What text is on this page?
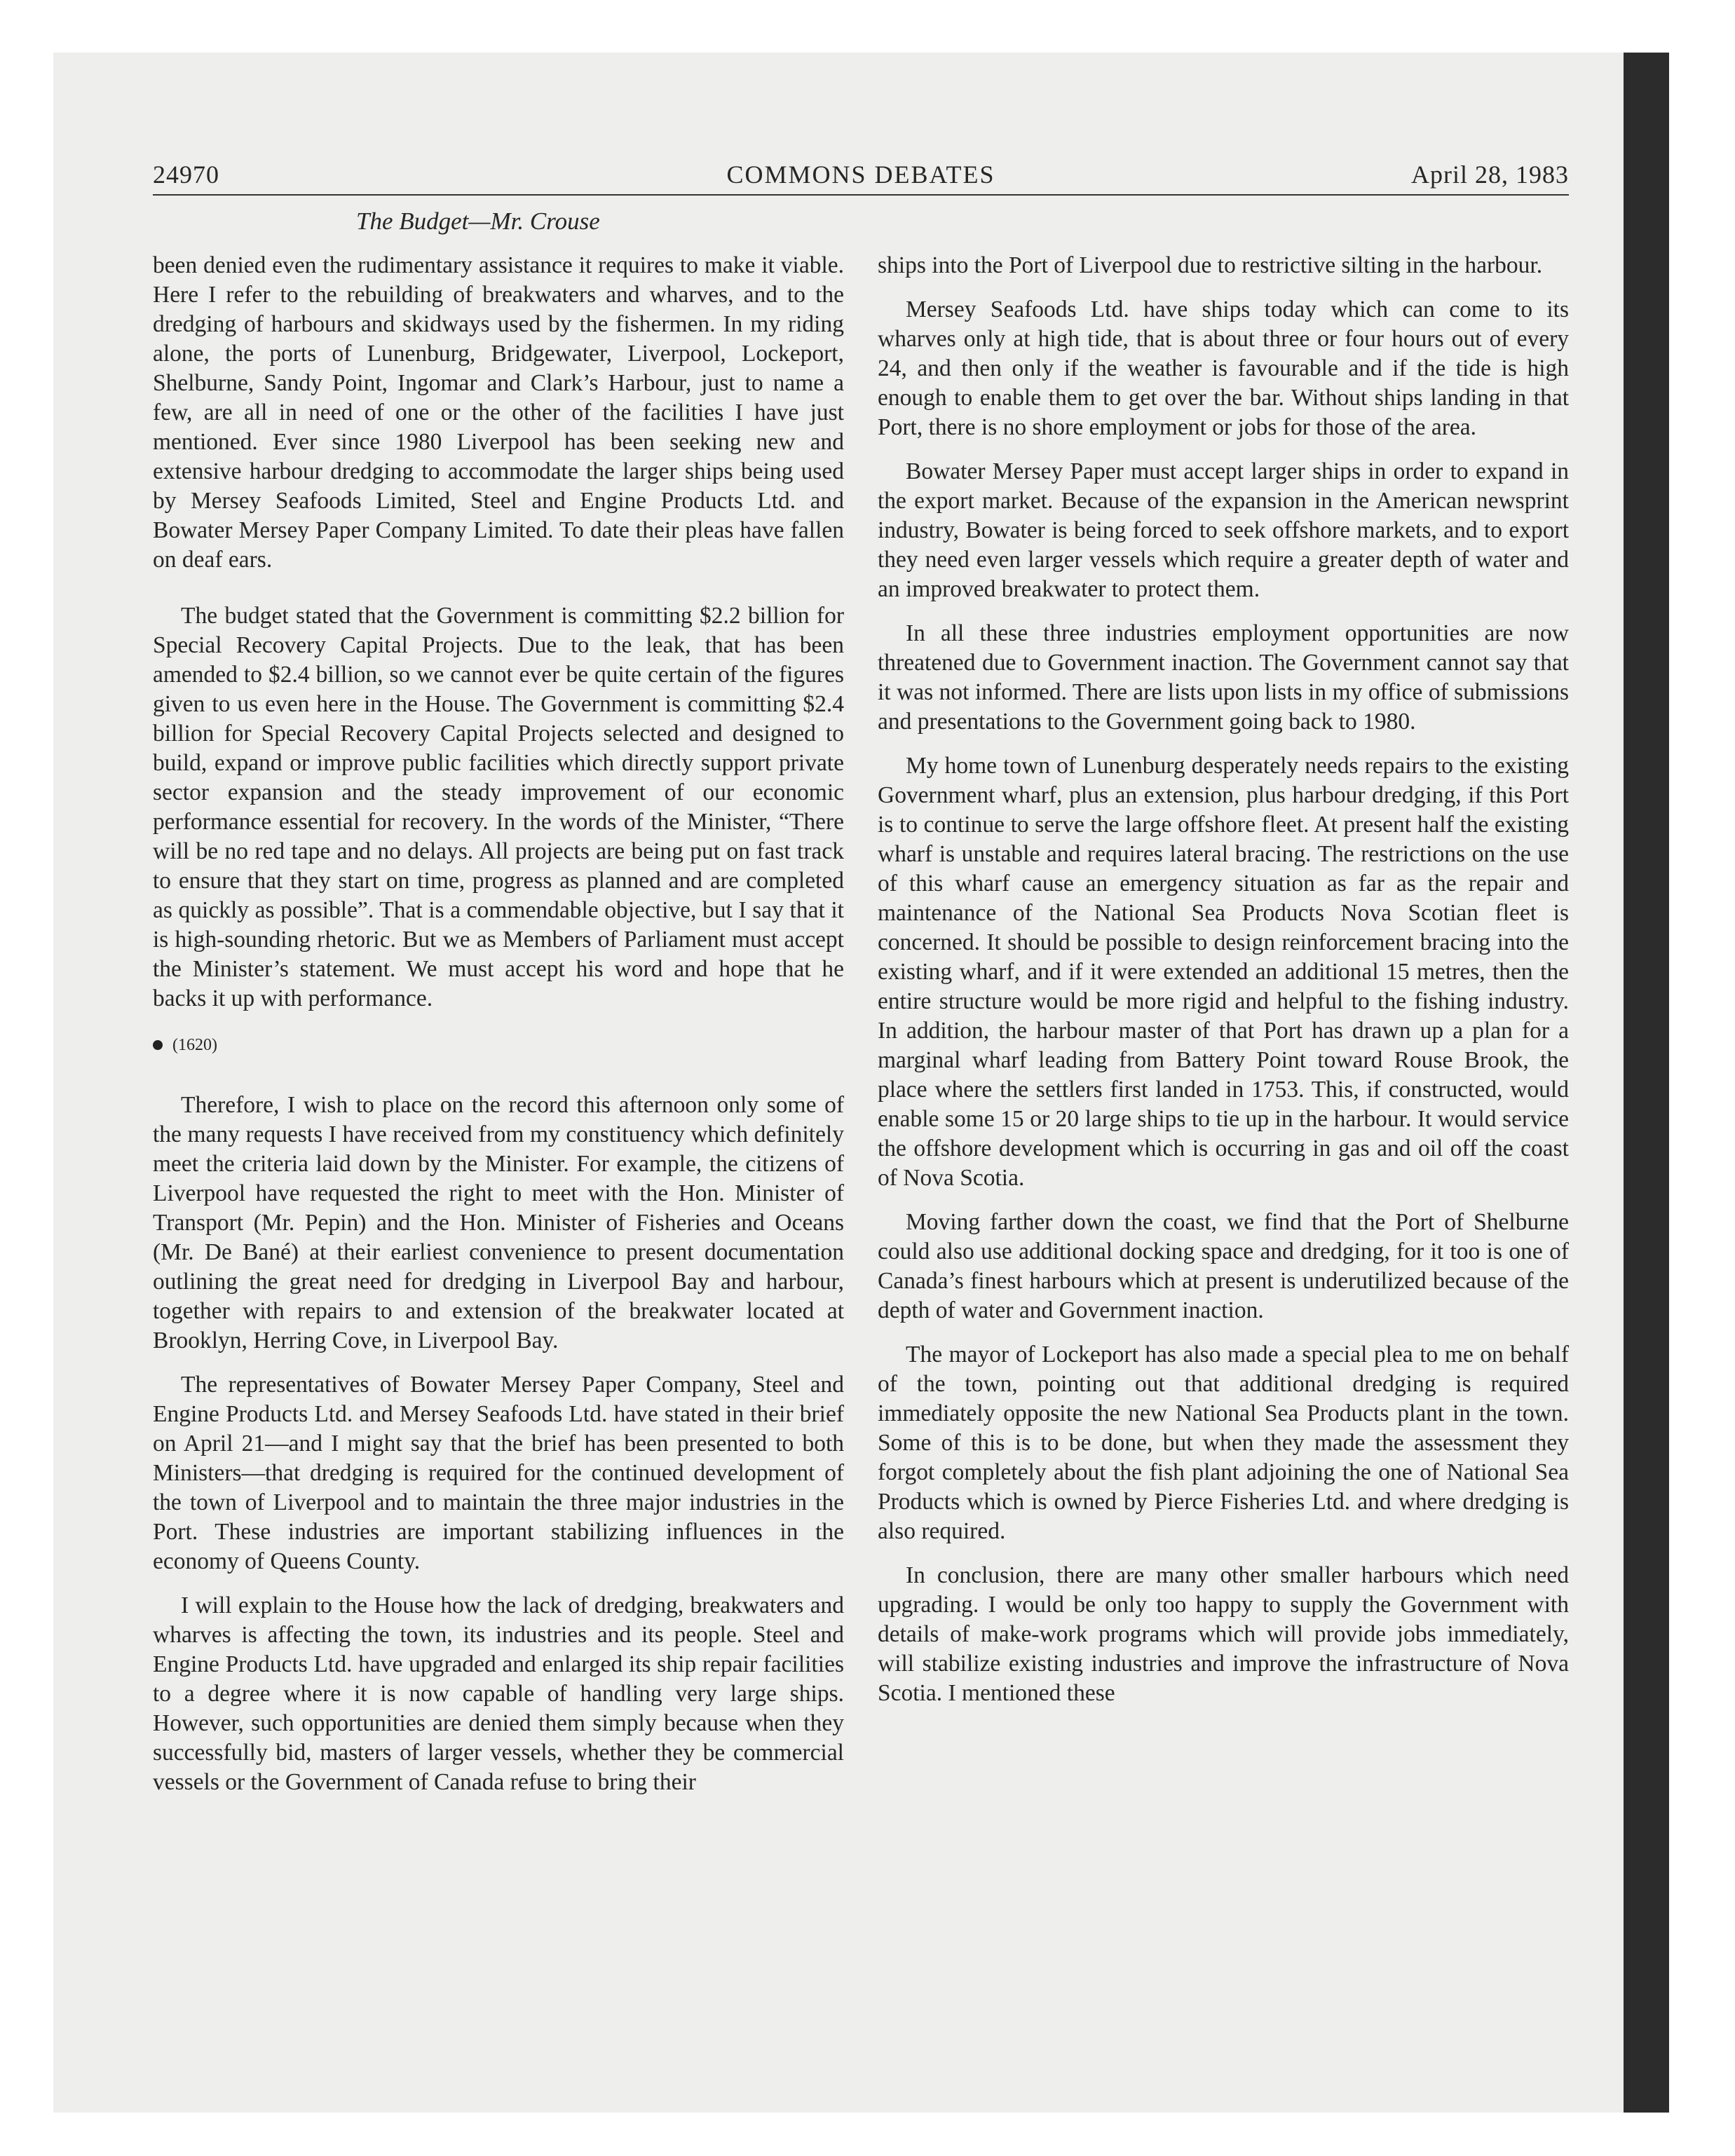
24970	COMMONS DEBATES	April 28, 1983
The Budget—Mr. Crouse

been denied even the rudimentary assistance it requires to make it viable. Here I refer to the rebuilding of breakwaters and wharves, and to the dredging of harbours and skidways used by the fishermen. In my riding alone, the ports of Lunenburg, Bridgewater, Liverpool, Lockeport, Shelburne, Sandy Point, Ingomar and Clark’s Harbour, just to name a few, are all in need of one or the other of the facilities I have just mentioned. Ever since 1980 Liverpool has been seeking new and extensive harbour dredging to accommodate the larger ships being used by Mersey Seafoods Limited, Steel and Engine Products Ltd. and Bowater Mersey Paper Company Limited. To date their pleas have fallen on deaf ears.

The budget stated that the Government is committing $2.2 billion for Special Recovery Capital Projects. Due to the leak, that has been amended to $2.4 billion, so we cannot ever be quite certain of the figures given to us even here in the House. The Government is committing $2.4 billion for Special Recovery Capital Projects selected and designed to build, expand or improve public facilities which directly support private sector expansion and the steady improvement of our economic performance essential for recovery. In the words of the Minister, “There will be no red tape and no delays. All projects are being put on fast track to ensure that they start on time, progress as planned and are completed as quickly as possible”. That is a commendable objective, but I say that it is high-sounding rhetoric. But we as Members of Parliament must accept the Minister’s statement. We must accept his word and hope that he backs it up with performance.

(1620)

Therefore, I wish to place on the record this afternoon only some of the many requests I have received from my constituency which definitely meet the criteria laid down by the Minister. For example, the citizens of Liverpool have requested the right to meet with the Hon. Minister of Transport (Mr. Pepin) and the Hon. Minister of Fisheries and Oceans (Mr. De Bané) at their earliest convenience to present documentation outlining the great need for dredging in Liverpool Bay and harbour, together with repairs to and extension of the breakwater located at Brooklyn, Herring Cove, in Liverpool Bay.

The representatives of Bowater Mersey Paper Company, Steel and Engine Products Ltd. and Mersey Seafoods Ltd. have stated in their brief on April 21—and I might say that the brief has been presented to both Ministers—that dredging is required for the continued development of the town of Liverpool and to maintain the three major industries in the Port. These industries are important stabilizing influences in the economy of Queens County.

I will explain to the House how the lack of dredging, breakwaters and wharves is affecting the town, its industries and its people. Steel and Engine Products Ltd. have upgraded and enlarged its ship repair facilities to a degree where it is now capable of handling very large ships. However, such opportunities are denied them simply because when they successfully bid, masters of larger vessels, whether they be commercial vessels or the Government of Canada refuse to bring their

ships into the Port of Liverpool due to restrictive silting in the harbour.

Mersey Seafoods Ltd. have ships today which can come to its wharves only at high tide, that is about three or four hours out of every 24, and then only if the weather is favourable and if the tide is high enough to enable them to get over the bar. Without ships landing in that Port, there is no shore employment or jobs for those of the area.

Bowater Mersey Paper must accept larger ships in order to expand in the export market. Because of the expansion in the American newsprint industry, Bowater is being forced to seek offshore markets, and to export they need even larger vessels which require a greater depth of water and an improved breakwater to protect them.

In all these three industries employment opportunities are now threatened due to Government inaction. The Government cannot say that it was not informed. There are lists upon lists in my office of submissions and presentations to the Government going back to 1980.

My home town of Lunenburg desperately needs repairs to the existing Government wharf, plus an extension, plus harbour dredging, if this Port is to continue to serve the large offshore fleet. At present half the existing wharf is unstable and requires lateral bracing. The restrictions on the use of this wharf cause an emergency situation as far as the repair and maintenance of the National Sea Products Nova Scotian fleet is concerned. It should be possible to design reinforcement bracing into the existing wharf, and if it were extended an additional 15 metres, then the entire structure would be more rigid and helpful to the fishing industry. In addition, the harbour master of that Port has drawn up a plan for a marginal wharf leading from Battery Point toward Rouse Brook, the place where the settlers first landed in 1753. This, if constructed, would enable some 15 or 20 large ships to tie up in the harbour. It would service the offshore development which is occurring in gas and oil off the coast of Nova Scotia.

Moving farther down the coast, we find that the Port of Shelburne could also use additional docking space and dredging, for it too is one of Canada’s finest harbours which at present is underutilized because of the depth of water and Government inaction.

The mayor of Lockeport has also made a special plea to me on behalf of the town, pointing out that additional dredging is required immediately opposite the new National Sea Products plant in the town. Some of this is to be done, but when they made the assessment they forgot completely about the fish plant adjoining the one of National Sea Products which is owned by Pierce Fisheries Ltd. and where dredging is also required.

In conclusion, there are many other smaller harbours which need upgrading. I would be only too happy to supply the Government with details of make-work programs which will provide jobs immediately, will stabilize existing industries and improve the infrastructure of Nova Scotia. I mentioned these
